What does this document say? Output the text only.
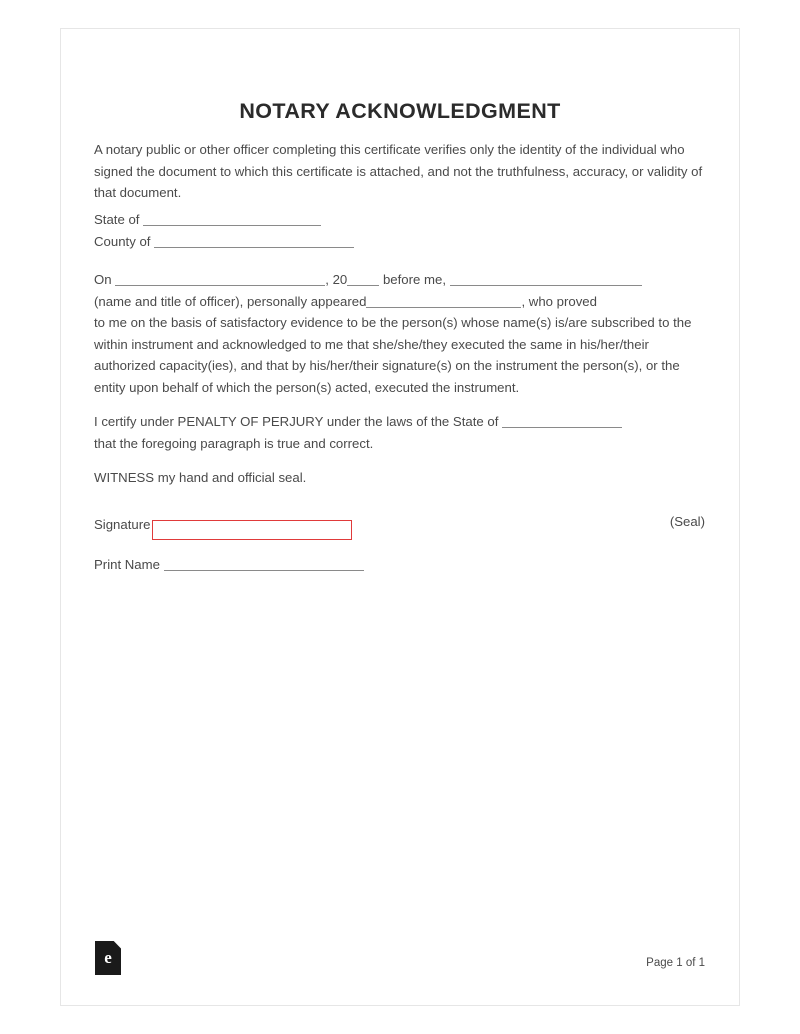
NOTARY ACKNOWLEDGMENT
A notary public or other officer completing this certificate verifies only the identity of the individual who signed the document to which this certificate is attached, and not the truthfulness, accuracy, or validity of that document.
State of
County of
On	, 20	before me,
(name and title of officer), personally appeared	, who proved
to me on the basis of satisfactory evidence to be the person(s) whose name(s) is/are subscribed to the within instrument and acknowledged to me that she/she/they executed the same in his/her/their authorized capacity(ies), and that by his/her/their signature(s) on the instrument the person(s), or the entity upon behalf of which the person(s) acted, executed the instrument.
I certify under PENALTY OF PERJURY under the laws of the State of
that the foregoing paragraph is true and correct.
WITNESS my hand and official seal.
Signature	(Seal)
Print Name
e	Page 1 of 1
